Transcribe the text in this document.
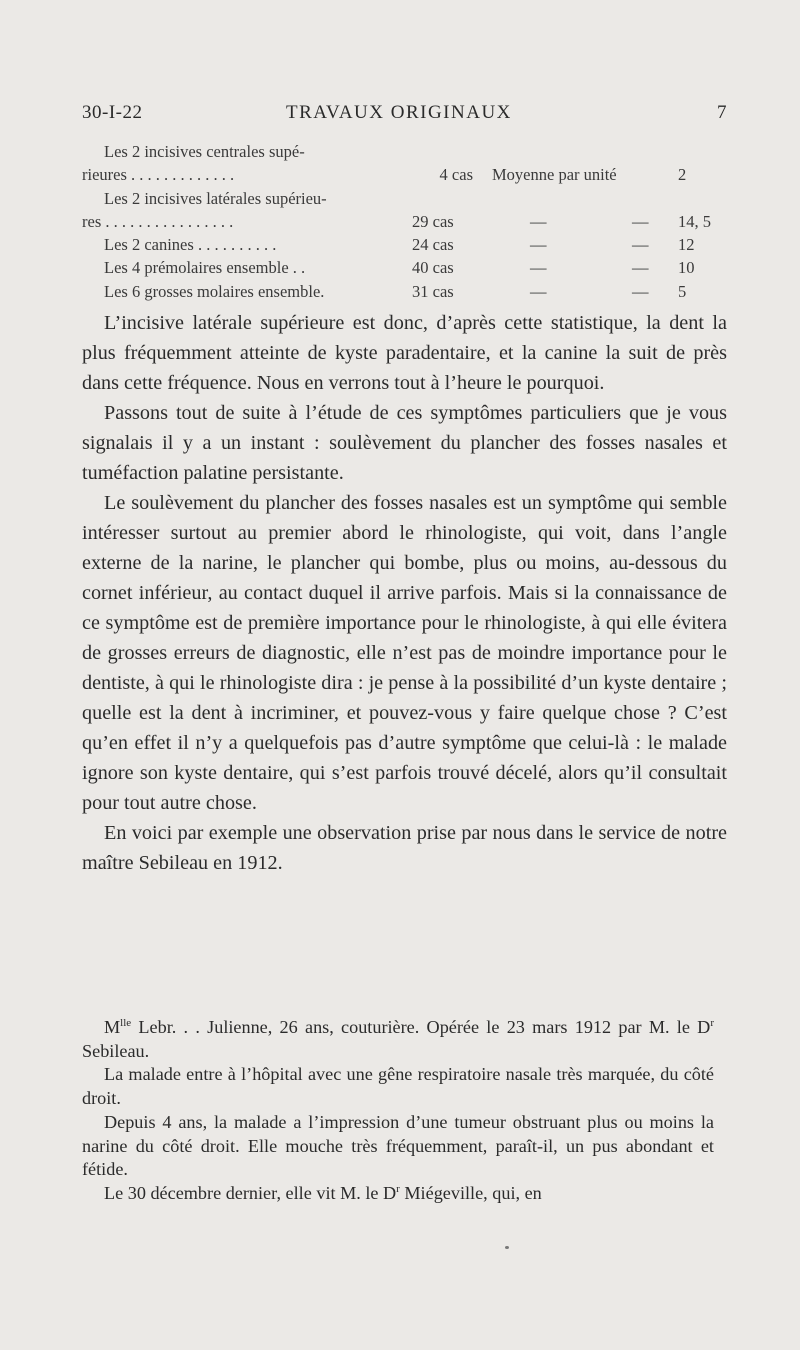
30-I-22	TRAVAUX ORIGINAUX	7
Les 2 incisives centrales supé-
rieures . . . . . . . . . . . . .	4 cas Moyenne par unité	2
Les 2 incisives latérales supérieu-
res . . . . . . . . . . . . . . . .	29 cas	—	— 14, 5
Les 2 canines . . . . . . . . . .	24 cas	—	— 12
Les 4 prémolaires ensemble . .	40 cas	—	— 10
Les 6 grosses molaires ensemble.	31 cas	—	— 5

L’incisive latérale supérieure est donc, d’après cette statistique, la dent la plus fréquemment atteinte de kyste paradentaire, et la canine la suit de près dans cette fréquence. Nous en verrons tout à l’heure le pourquoi.

Passons tout de suite à l’étude de ces symptômes particuliers que je vous signalais il y a un instant : soulèvement du plancher des fosses nasales et tuméfaction palatine persistante.

Le soulèvement du plancher des fosses nasales est un symptôme qui semble intéresser surtout au premier abord le rhinologiste, qui voit, dans l’angle externe de la narine, le plancher qui bombe, plus ou moins, au-dessous du cornet inférieur, au contact duquel il arrive parfois. Mais si la connaissance de ce symptôme est de première importance pour le rhinologiste, à qui elle évitera de grosses erreurs de diagnostic, elle n’est pas de moindre importance pour le dentiste, à qui le rhinologiste dira : je pense à la possibilité d’un kyste dentaire ; quelle est la dent à incriminer, et pouvez-vous y faire quelque chose ? C’est qu’en effet il n’y a quelquefois pas d’autre symptôme que celui-là : le malade ignore son kyste dentaire, qui s’est parfois trouvé décelé, alors qu’il consultait pour tout autre chose.

En voici par exemple une observation prise par nous dans le service de notre maître Sebileau en 1912.

$M^{lle}$ Lebr. . . Julienne, 26 ans, couturière. Opérée le 23 mars 1912 par M. le $D^r$ Sebileau.

La malade entre à l’hôpital avec une gêne respiratoire nasale très marquée, du côté droit.

Depuis 4 ans, la malade a l’impression d’une tumeur obstruant plus ou moins la narine du côté droit. Elle mouche très fréquemment, paraît-il, un pus abondant et fétide.

Le 30 décembre dernier, elle vit M. le $D^r$ Miégeville, qui, en
